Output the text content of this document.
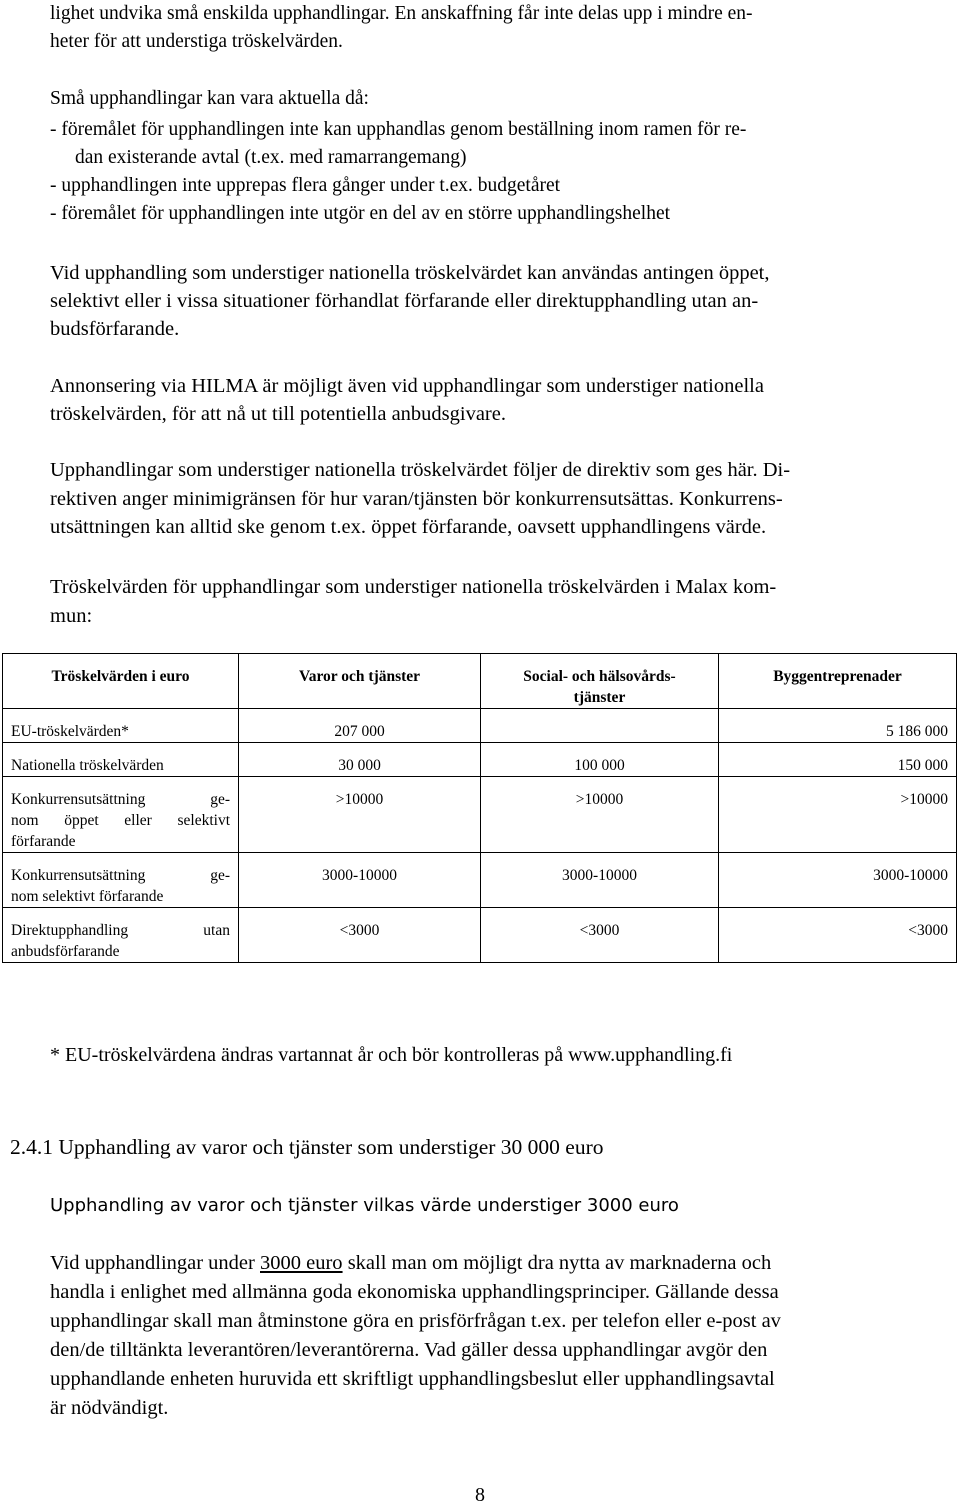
lighet undvika små enskilda upphandlingar. En anskaffning får inte delas upp i mindre en-
heter för att understiga tröskelvärden.
Små upphandlingar kan vara aktuella då:
- föremålet för upphandlingen inte kan upphandlas genom beställning inom ramen för re-
dan existerande avtal (t.ex. med ramarrangemang)
- upphandlingen inte upprepas flera gånger under t.ex. budgetåret
- föremålet för upphandlingen inte utgör en del av en större upphandlingshelhet
Vid upphandling som understiger nationella tröskelvärdet kan användas antingen öppet,
selektivt eller i vissa situationer förhandlat förfarande eller direktupphandling utan an-
budsförfarande.
Annonsering via HILMA är möjligt även vid upphandlingar som understiger nationella
tröskelvärden, för att nå ut till potentiella anbudsgivare.
Upphandlingar som understiger nationella tröskelvärdet följer de direktiv som ges här. Di-
rektiven anger minimigränsen för hur varan/tjänsten bör konkurrensutsättas. Konkurrens-
utsättningen kan alltid ske genom t.ex. öppet förfarande, oavsett upphandlingens värde.
Tröskelvärden för upphandlingar som understiger nationella tröskelvärden i Malax kom-
mun:

Tröskelvärden i euro	Varor och tjänster	Social- och hälsovårds-
tjänster	Byggentreprenader

EU-tröskelvärden*	207 000		5 186 000

Nationella tröskelvärden	30 000	100 000	150 000

Konkurrensutsättning ge-
nom öppet eller selektivt
förfarande	>10000	>10000	>10000

Konkurrensutsättning ge-
nom selektivt förfarande	3000-10000	3000-10000	3000-10000

Direktupphandling utan
anbudsförfarande	<3000	<3000	<3000
* EU-tröskelvärdena ändras vartannat år och bör kontrolleras på www.upphandling.fi
2.4.1 Upphandling av varor och tjänster som understiger 30 000 euro
Upphandling av varor och tjänster vilkas värde understiger 3000 euro
Vid upphandlingar under 3000 euro skall man om möjligt dra nytta av marknaderna och
handla i enlighet med allmänna goda ekonomiska upphandlingsprinciper. Gällande dessa
upphandlingar skall man åtminstone göra en prisförfrågan t.ex. per telefon eller e-post av
den/de tilltänkta leverantören/leverantörerna. Vad gäller dessa upphandlingar avgör den
upphandlande enheten huruvida ett skriftligt upphandlingsbeslut eller upphandlingsavtal
är nödvändigt.
8
